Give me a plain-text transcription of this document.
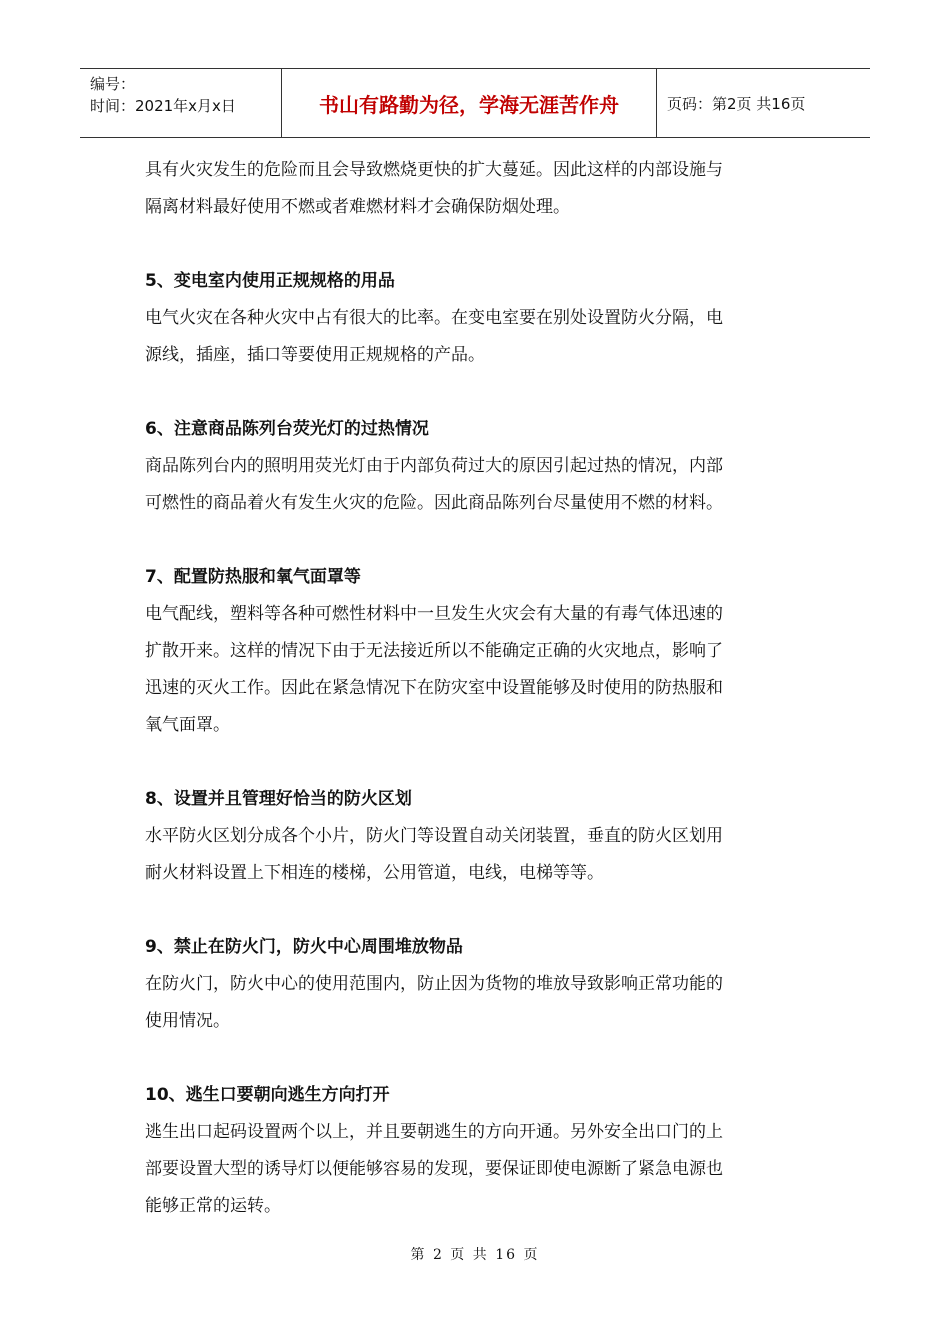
编号：
时间：2021年x月x日	书山有路勤为径，学海无涯苦作舟	页码：第2页 共16页

具有火灾发生的危险而且会导致燃烧更快的扩大蔓延。因此这样的内部设施与

隔离材料最好使用不燃或者难燃材料才会确保防烟处理。

5、变电室内使用正规规格的用品

电气火灾在各种火灾中占有很大的比率。在变电室要在别处设置防火分隔，电

源线，插座，插口等要使用正规规格的产品。

6、注意商品陈列台荧光灯的过热情况

商品陈列台内的照明用荧光灯由于内部负荷过大的原因引起过热的情况，内部

可燃性的商品着火有发生火灾的危险。因此商品陈列台尽量使用不燃的材料。

7、配置防热服和氧气面罩等

电气配线，塑料等各种可燃性材料中一旦发生火灾会有大量的有毒气体迅速的

扩散开来。这样的情况下由于无法接近所以不能确定正确的火灾地点，影响了

迅速的灭火工作。因此在紧急情况下在防灾室中设置能够及时使用的防热服和

氧气面罩。

8、设置并且管理好恰当的防火区划

水平防火区划分成各个小片，防火门等设置自动关闭装置，垂直的防火区划用

耐火材料设置上下相连的楼梯，公用管道，电线，电梯等等。

9、禁止在防火门，防火中心周围堆放物品

在防火门，防火中心的使用范围内，防止因为货物的堆放导致影响正常功能的

使用情况。

10、逃生口要朝向逃生方向打开

逃生出口起码设置两个以上，并且要朝逃生的方向开通。另外安全出口门的上

部要设置大型的诱导灯以便能够容易的发现，要保证即使电源断了紧急电源也

能够正常的运转。

第 2 页 共 16 页
